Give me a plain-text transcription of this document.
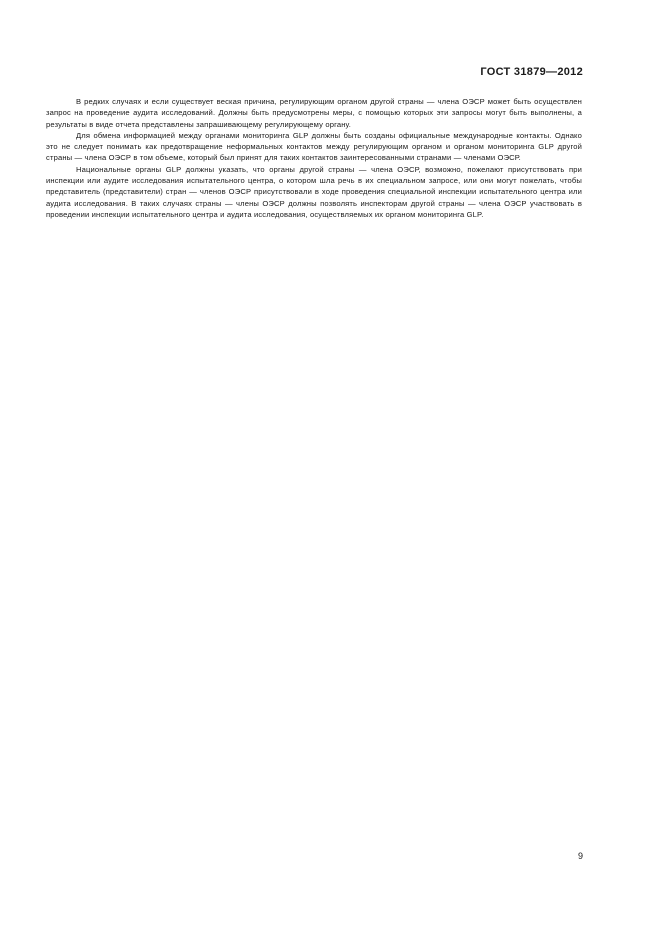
ГОСТ 31879—2012

В редких случаях и если существует веская причина, регулирующим органом другой страны — члена ОЭСР может быть осуществлен запрос на проведение аудита исследований. Должны быть предусмотрены меры, с помощью которых эти запросы могут быть выполнены, а результаты в виде отчета представлены запрашивающему регулирующему органу.

Для обмена информацией между органами мониторинга GLP должны быть созданы официальные международные контакты. Однако это не следует понимать как предотвращение неформальных контактов между регулирующим органом и органом мониторинга GLP другой страны — члена ОЭСР в том объеме, который был принят для таких контактов заинтересованными странами — членами ОЭСР.

Национальные органы GLP должны указать, что органы другой страны — члена ОЭСР, возможно, пожелают присутствовать при инспекции или аудите исследования испытательного центра, о котором шла речь в их специальном запросе, или они могут пожелать, чтобы представитель (представители) стран — членов ОЭСР присутствовали в ходе проведения специальной инспекции испытательного центра или аудита исследования. В таких случаях страны — члены ОЭСР должны позволять инспекторам другой страны — члена ОЭСР участвовать в проведении инспекции испытательного центра и аудита исследования, осуществляемых их органом мониторинга GLP.

9
